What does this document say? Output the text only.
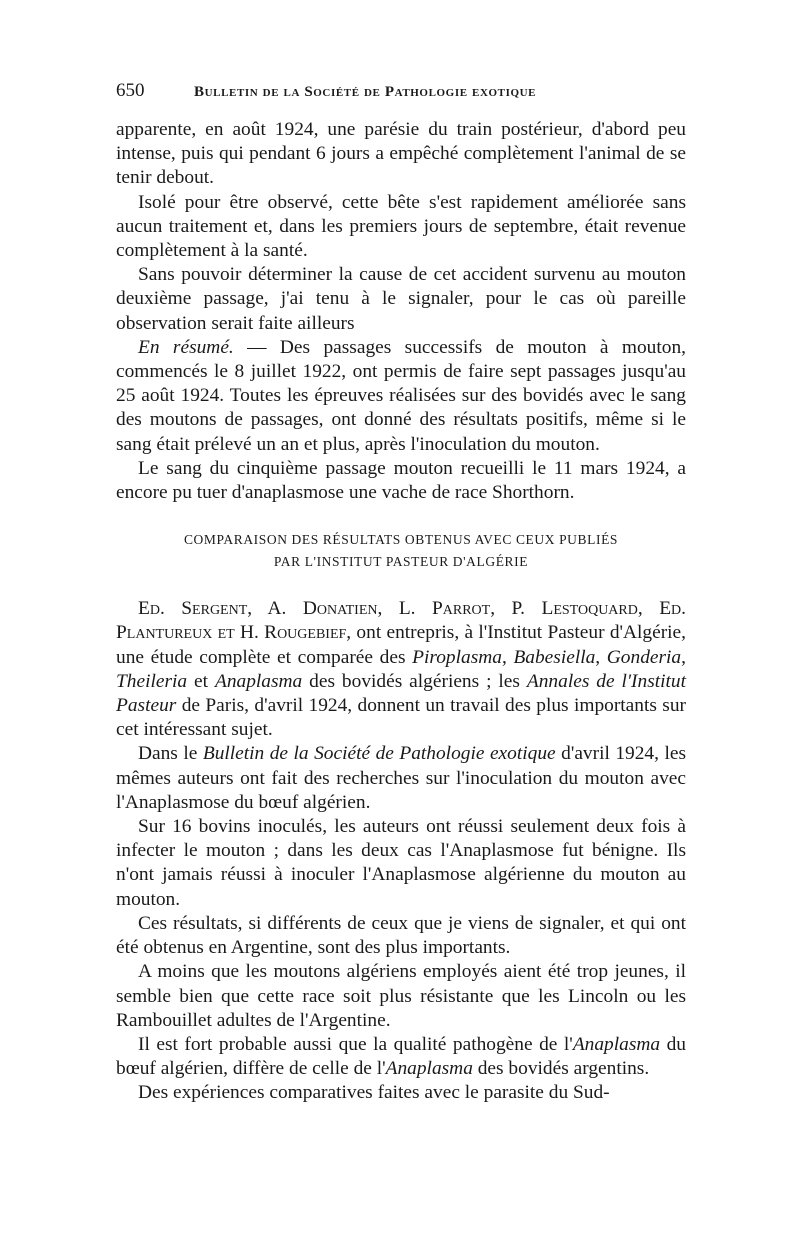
650	Bulletin de la Société de Pathologie exotique

apparente, en août 1924, une parésie du train postérieur, d'abord peu intense, puis qui pendant 6 jours a empêché complètement l'animal de se tenir debout.

Isolé pour être observé, cette bête s'est rapidement améliorée sans aucun traitement et, dans les premiers jours de septembre, était revenue complètement à la santé.

Sans pouvoir déterminer la cause de cet accident survenu au mouton deuxième passage, j'ai tenu à le signaler, pour le cas où pareille observation serait faite ailleurs

En résumé. — Des passages successifs de mouton à mouton, commencés le 8 juillet 1922, ont permis de faire sept passages jusqu'au 25 août 1924. Toutes les épreuves réalisées sur des bovidés avec le sang des moutons de passages, ont donné des résultats positifs, même si le sang était prélevé un an et plus, après l'inoculation du mouton.

Le sang du cinquième passage mouton recueilli le 11 mars 1924, a encore pu tuer d'anaplasmose une vache de race Shorthorn.

COMPARAISON DES RÉSULTATS OBTENUS AVEC CEUX PUBLIÉS
PAR L'INSTITUT PASTEUR D'ALGÉRIE

Ed. Sergent, A. Donatien, L. Parrot, P. Lestoquard, Ed. Plantureux et H. Rougebief, ont entrepris, à l'Institut Pasteur d'Algérie, une étude complète et comparée des Piroplasma, Babesiella, Gonderia, Theileria et Anaplasma des bovidés algériens ; les Annales de l'Institut Pasteur de Paris, d'avril 1924, donnent un travail des plus importants sur cet intéressant sujet.

Dans le Bulletin de la Société de Pathologie exotique d'avril 1924, les mêmes auteurs ont fait des recherches sur l'inoculation du mouton avec l'Anaplasmose du bœuf algérien.

Sur 16 bovins inoculés, les auteurs ont réussi seulement deux fois à infecter le mouton ; dans les deux cas l'Anaplasmose fut bénigne. Ils n'ont jamais réussi à inoculer l'Anaplasmose algérienne du mouton au mouton.

Ces résultats, si différents de ceux que je viens de signaler, et qui ont été obtenus en Argentine, sont des plus importants.

A moins que les moutons algériens employés aient été trop jeunes, il semble bien que cette race soit plus résistante que les Lincoln ou les Rambouillet adultes de l'Argentine.

Il est fort probable aussi que la qualité pathogène de l'Anaplasma du bœuf algérien, diffère de celle de l'Anaplasma des bovidés argentins.

Des expériences comparatives faites avec le parasite du Sud-
